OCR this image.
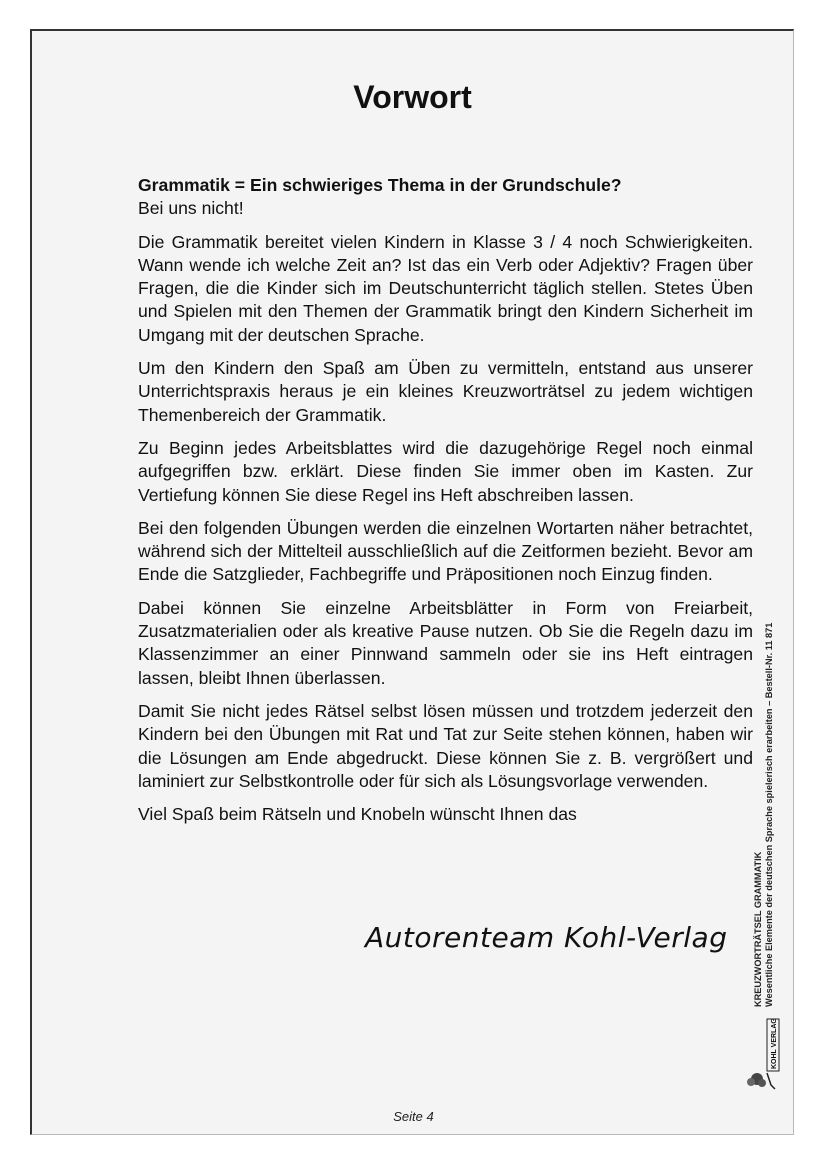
Vorwort

Grammatik = Ein schwieriges Thema in der Grundschule?
Bei uns nicht!

Die Grammatik bereitet vielen Kindern in Klasse 3 / 4 noch Schwierigkeiten. Wann wende ich welche Zeit an? Ist das ein Verb oder Adjektiv? Fragen über Fragen, die die Kinder sich im Deutschunterricht täglich stellen. Stetes Üben und Spielen mit den Themen der Grammatik bringt den Kindern Sicherheit im Umgang mit der deutschen Sprache.

Um den Kindern den Spaß am Üben zu vermitteln, entstand aus unserer Unterrichtspraxis heraus je ein kleines Kreuzworträtsel zu jedem wichtigen Themenbereich der Grammatik.

Zu Beginn jedes Arbeitsblattes wird die dazugehörige Regel noch einmal aufgegriffen bzw. erklärt. Diese finden Sie immer oben im Kasten. Zur Vertiefung können Sie diese Regel ins Heft abschreiben lassen.

Bei den folgenden Übungen werden die einzelnen Wortarten näher betrachtet, während sich der Mittelteil ausschließlich auf die Zeitformen bezieht. Bevor am Ende die Satzglieder, Fachbegriffe und Präpositionen noch Einzug finden.

Dabei können Sie einzelne Arbeitsblätter in Form von Freiarbeit, Zusatzmaterialien oder als kreative Pause nutzen. Ob Sie die Regeln dazu im Klassenzimmer an einer Pinnwand sammeln oder sie ins Heft eintragen lassen, bleibt Ihnen überlassen.

Damit Sie nicht jedes Rätsel selbst lösen müssen und trotzdem jederzeit den Kindern bei den Übungen mit Rat und Tat zur Seite stehen können, haben wir die Lösungen am Ende abgedruckt. Diese können Sie z. B. vergrößert und laminiert zur Selbstkontrolle oder für sich als Lösungsvorlage verwenden.

Viel Spaß beim Rätseln und Knobeln wünscht Ihnen das

Autorenteam Kohl-Verlag	KREUZWORTRÄTSEL GRAMMATIK Wesentliche Elemente der deutschen Sprache spielerisch erarbeiten – Bestell-Nr. 11 871
KOHL VERLAG
Seite 4
